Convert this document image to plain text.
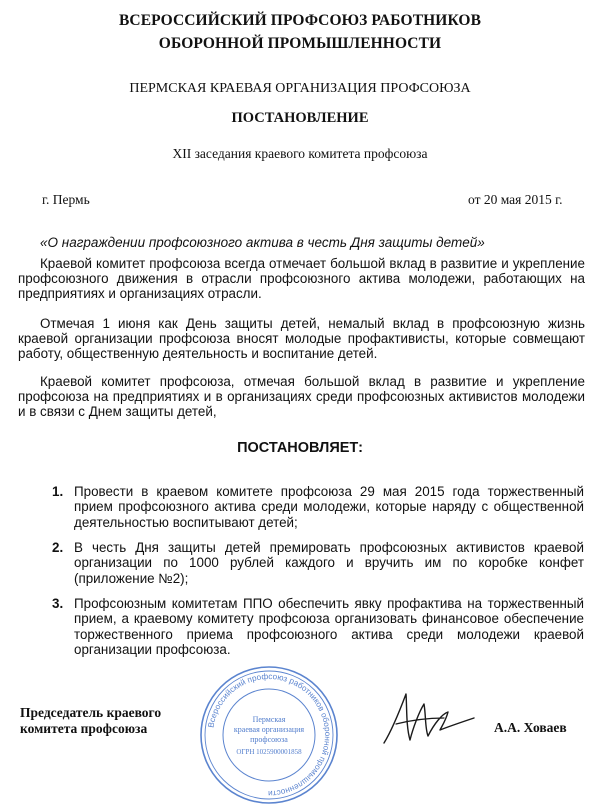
ВСЕРОССИЙСКИЙ ПРОФСОЮЗ РАБОТНИКОВ
ОБОРОННОЙ ПРОМЫШЛЕННОСТИ
ПЕРМСКАЯ КРАЕВАЯ ОРГАНИЗАЦИЯ ПРОФСОЮЗА
ПОСТАНОВЛЕНИЕ
XII заседания краевого комитета профсоюза
г. Пермь	от 20 мая 2015 г.
«О награждении профсоюзного актива в честь Дня защиты детей»
Краевой комитет профсоюза всегда отмечает большой вклад в развитие и укрепление профсоюзного движения в отрасли профсоюзного актива молодежи, работающих на предприятиях и организациях отрасли.
Отмечая 1 июня как День защиты детей, немалый вклад в профсоюзную жизнь краевой организации профсоюза вносят молодые профактивисты, которые совмещают работу, общественную деятельность и воспитание детей.
Краевой комитет профсоюза, отмечая большой вклад в развитие и укрепление профсоюза на предприятиях и в организациях среди профсоюзных активистов молодежи и в связи с Днем защиты детей,
ПОСТАНОВЛЯЕТ:
1. Провести в краевом комитете профсоюза 29 мая 2015 года торжественный прием профсоюзного актива среди молодежи, которые наряду с общественной деятельностью воспитывают детей;
2. В честь Дня защиты детей премировать профсоюзных активистов краевой организации по 1000 рублей каждого и вручить им по коробке конфет (приложение №2);
3. Профсоюзным комитетам ППО обеспечить явку профактива на торжественный прием, а краевому комитету профсоюза организовать финансовое обеспечение торжественного приема профсоюзного актива среди молодежи краевой организации профсоюза.
Председатель краевого
комитета профсоюза	Всероссийский профсоюз работников оборонной промышленности
Пермская
краевая организация
профсоюза
ОГРН 1025900001858
А.А. Ховаев
